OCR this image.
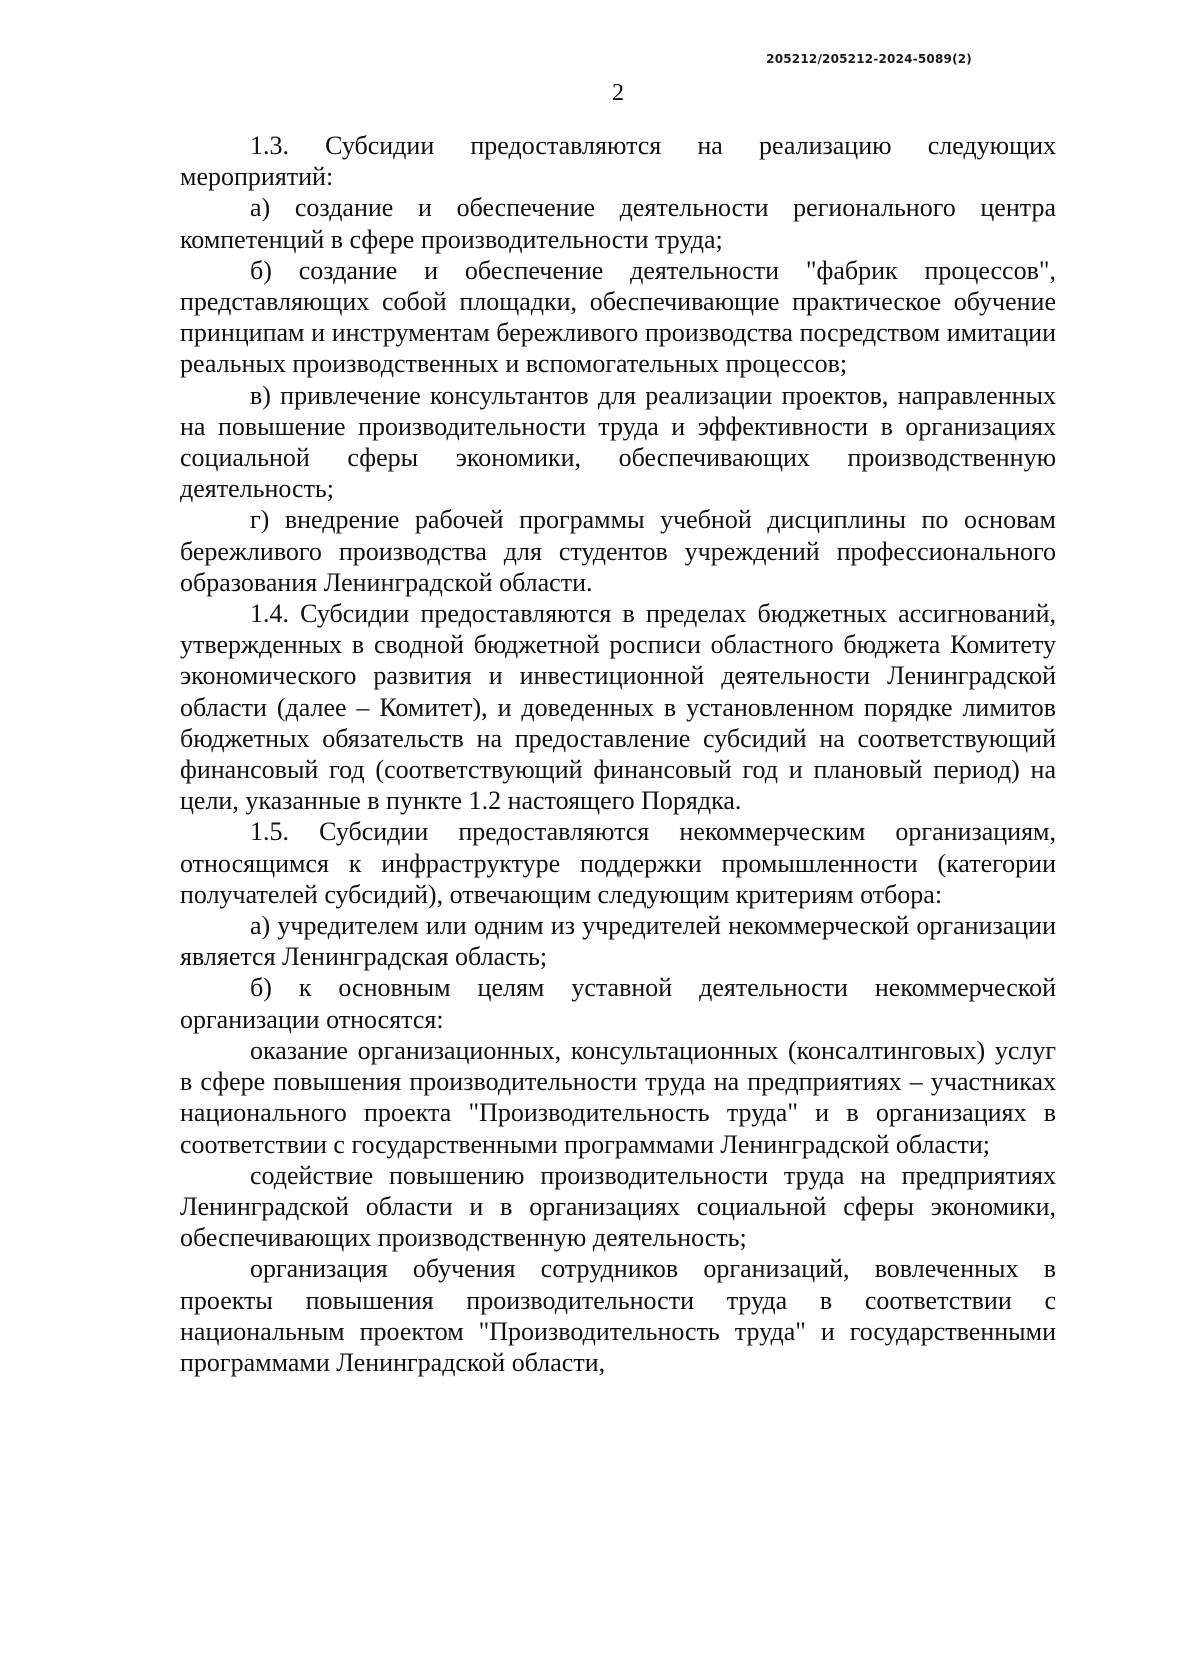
205212/205212-2024-5089(2)
2

1.3. Субсидии предоставляются на реализацию следующих мероприятий:

а) создание и обеспечение деятельности регионального центра компетенций в сфере производительности труда;

б) создание и обеспечение деятельности "фабрик процессов", представляющих собой площадки, обеспечивающие практическое обучение принципам и инструментам бережливого производства посредством имитации реальных производственных и вспомогательных процессов;

в) привлечение консультантов для реализации проектов, направленных на повышение производительности труда и эффективности в организациях социальной сферы экономики, обеспечивающих производственную деятельность;

г) внедрение рабочей программы учебной дисциплины по основам бережливого производства для студентов учреждений профессионального образования Ленинградской области.

1.4. Субсидии предоставляются в пределах бюджетных ассигнований, утвержденных в сводной бюджетной росписи областного бюджета Комитету экономического развития и инвестиционной деятельности Ленинградской области (далее – Комитет), и доведенных в установленном порядке лимитов бюджетных обязательств на предоставление субсидий на соответствующий финансовый год (соответствующий финансовый год и плановый период) на цели, указанные в пункте 1.2 настоящего Порядка.

1.5. Субсидии предоставляются некоммерческим организациям, относящимся к инфраструктуре поддержки промышленности (категории получателей субсидий), отвечающим следующим критериям отбора:

а) учредителем или одним из учредителей некоммерческой организации является Ленинградская область;

б) к основным целям уставной деятельности некоммерческой организации относятся:

оказание организационных, консультационных (консалтинговых) услуг в сфере повышения производительности труда на предприятиях – участниках национального проекта "Производительность труда" и в организациях в соответствии с государственными программами Ленинградской области;

содействие повышению производительности труда на предприятиях Ленинградской области и в организациях социальной сферы экономики, обеспечивающих производственную деятельность;

организация обучения сотрудников организаций, вовлеченных в проекты повышения производительности труда в соответствии с национальным проектом "Производительность труда" и государственными программами Ленинградской области,
